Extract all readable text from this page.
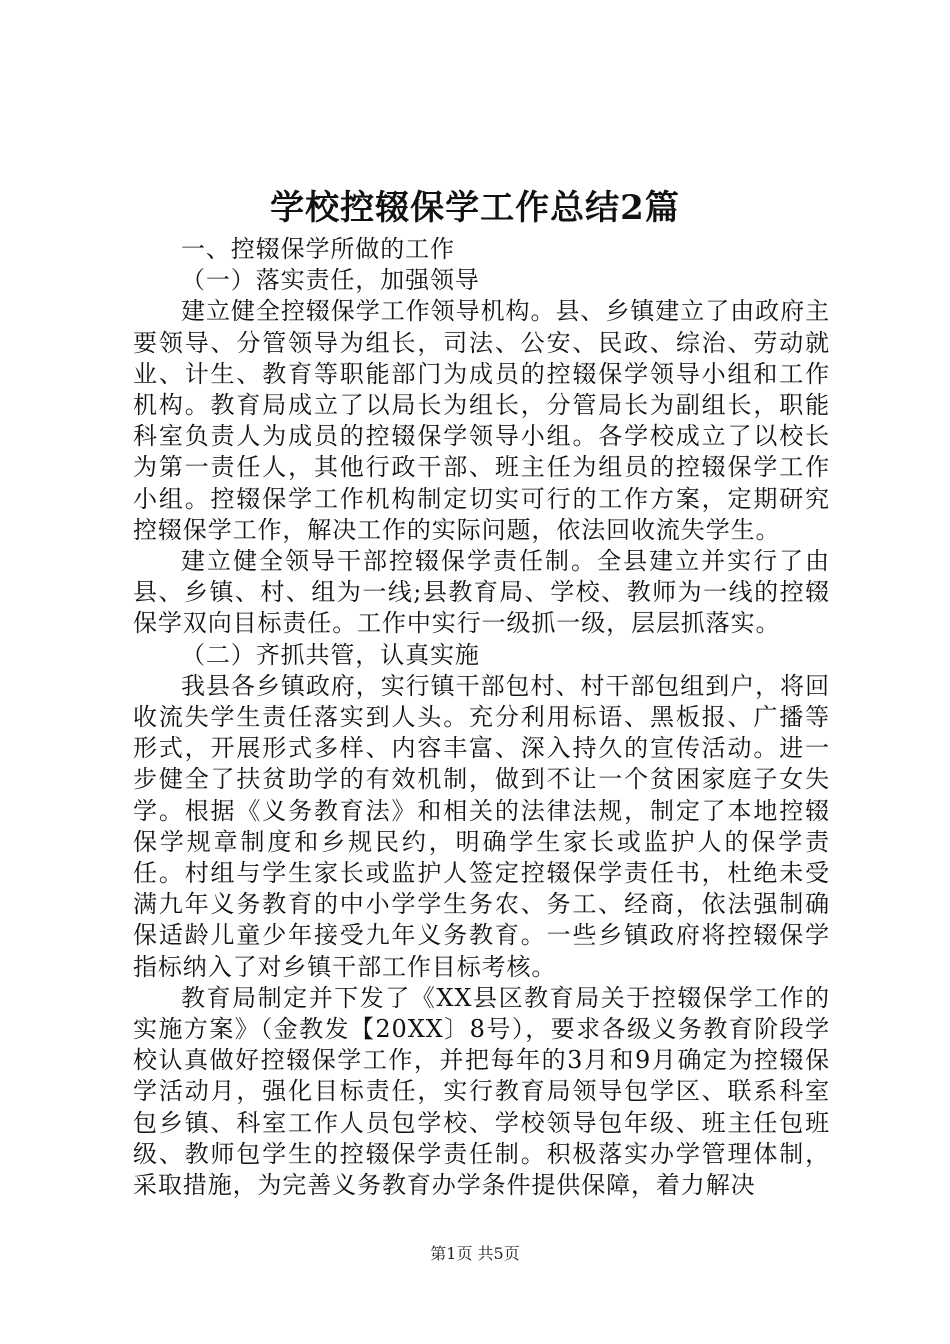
学校控辍保学工作总结2篇

一、控辍保学所做的工作

（一）落实责任，加强领导

建立健全控辍保学工作领导机构。县、乡镇建立了由政府主要领导、分管领导为组长，司法、公安、民政、综治、劳动就业、计生、教育等职能部门为成员的控辍保学领导小组和工作机构。教育局成立了以局长为组长，分管局长为副组长，职能科室负责人为成员的控辍保学领导小组。各学校成立了以校长为第一责任人，其他行政干部、班主任为组员的控辍保学工作小组。控辍保学工作机构制定切实可行的工作方案，定期研究控辍保学工作，解决工作的实际问题，依法回收流失学生。

建立健全领导干部控辍保学责任制。全县建立并实行了由县、乡镇、村、组为一线;县教育局、学校、教师为一线的控辍保学双向目标责任。工作中实行一级抓一级，层层抓落实。

（二）齐抓共管，认真实施

我县各乡镇政府，实行镇干部包村、村干部包组到户，将回收流失学生责任落实到人头。充分利用标语、黑板报、广播等形式，开展形式多样、内容丰富、深入持久的宣传活动。进一步健全了扶贫助学的有效机制，做到不让一个贫困家庭子女失学。根据《义务教育法》和相关的法律法规，制定了本地控辍保学规章制度和乡规民约，明确学生家长或监护人的保学责任。村组与学生家长或监护人签定控辍保学责任书，杜绝未受满九年义务教育的中小学学生务农、务工、经商，依法强制确保适龄儿童少年接受九年义务教育。一些乡镇政府将控辍保学指标纳入了对乡镇干部工作目标考核。

教育局制定并下发了《XX县区教育局关于控辍保学工作的实施方案》（金教发【20XX〕8号），要求各级义务教育阶段学校认真做好控辍保学工作，并把每年的3月和9月确定为控辍保学活动月，强化目标责任，实行教育局领导包学区、联系科室包乡镇、科室工作人员包学校、学校领导包年级、班主任包班级、教师包学生的控辍保学责任制。积极落实办学管理体制，采取措施，为完善义务教育办学条件提供保障，着力解决

第1页 共5页
